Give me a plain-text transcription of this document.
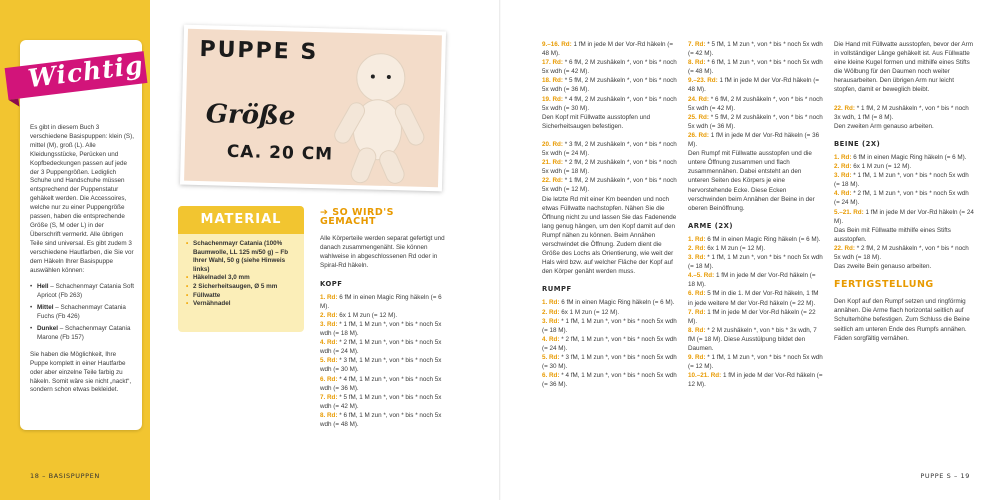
Es gibt in diesem Buch 3 verschiedene Basispuppen: klein (S), mittel (M), groß (L). Alle Kleidungsstücke, Perücken und Kopfbedeckungen passen auf jede der 3 Puppengrößen. Lediglich Schuhe und Handschuhe müssen entsprechend der Puppenstatur gehäkelt werden. Die Accessoires, welche nur zu einer Puppengröße passen, haben die entsprechende Größe (S, M oder L) in der Überschrift vermerkt. Alle übrigen Teile sind universal. Es gibt zudem 3 verschiedene Hautfarben, die Sie vor dem Häkeln Ihrer Basispuppe auswählen können:

• Hell – Schachenmayr Catania Soft Apricot (Fb 263)
• Mittel – Schachenmayr Catania Fuchs (Fb 426)
• Dunkel – Schachenmayr Catania Marone (Fb 157)

Sie haben die Möglichkeit, Ihre Puppe komplett in einer Hautfarbe oder aber einzelne Teile farbig zu häkeln. Somit wäre sie nicht „nackt“, sondern schon etwas bekleidet.

Wichtig PUPPE S
Größe
CA. 20 CM
MATERIAL
• Schachenmayr Catania (100% Baumwolle, LL 125 m/50 g) – Fb Ihrer Wahl, 50 g (siehe Hinweis links)
• Häkelnadel 3,0 mm
• 2 Sicherheitsaugen, Ø 5 mm
• Füllwatte
• Vernähnadel
➔ SO WIRD'S GEMACHT

Alle Körperteile werden separat gefertigt und danach zusammengenäht. Sie können wahlweise in abgeschlossenen Rd oder in Spiral-Rd häkeln.

KOPF
1. Rd: 6 fM in einen Magic Ring häkeln (= 6 M).
2. Rd: 6x 1 M zun (= 12 M).
3. Rd: * 1 fM, 1 M zun *, von * bis * noch 5x wdh (= 18 M).
4. Rd: * 2 fM, 1 M zun *, von * bis * noch 5x wdh (= 24 M).
5. Rd: * 3 fM, 1 M zun *, von * bis * noch 5x wdh (= 30 M).
6. Rd: * 4 fM, 1 M zun *, von * bis * noch 5x wdh (= 36 M).
7. Rd: * 5 fM, 1 M zun *, von * bis * noch 5x wdh (= 42 M).
8. Rd: * 6 fM, 1 M zun *, von * bis * noch 5x wdh (= 48 M).
9.–16. Rd: 1 fM in jede M der Vor-Rd häkeln (= 48 M).
17. Rd: * 6 fM, 2 M zushäkeln *, von * bis * noch 5x wdh (= 42 M).
18. Rd: * 5 fM, 2 M zushäkeln *, von * bis * noch 5x wdh (= 36 M).
19. Rd: * 4 fM, 2 M zushäkeln *, von * bis * noch 5x wdh (= 30 M).

Den Kopf mit Füllwatte ausstopfen und Sicherheitsaugen befestigen.

20. Rd: * 3 fM, 2 M zushäkeln *, von * bis * noch 5x wdh (= 24 M).
21. Rd: * 2 fM, 2 M zushäkeln *, von * bis * noch 5x wdh (= 18 M).
22. Rd: * 1 fM, 2 M zushäkeln *, von * bis * noch 5x wdh (= 12 M).

Die letzte Rd mit einer Km beenden und noch etwas Füllwatte nachstopfen. Nähen Sie die Öffnung nicht zu und lassen Sie das Fadenende lang genug hängen, um den Kopf damit auf den Rumpf nähen zu können. Beim Annähen verschwindet die Öffnung. Zudem dient die Größe des Lochs als Orientierung, wie weit der Hals wird bzw. auf welcher Fläche der Kopf auf den Körper genäht werden muss.

RUMPF
1. Rd: 6 fM in einen Magic Ring häkeln (= 6 M).
2. Rd: 6x 1 M zun (= 12 M).
3. Rd: * 1 fM, 1 M zun *, von * bis * noch 5x wdh (= 18 M).
4. Rd: * 2 fM, 1 M zun *, von * bis * noch 5x wdh (= 24 M).
5. Rd: * 3 fM, 1 M zun *, von * bis * noch 5x wdh (= 30 M).
6. Rd: * 4 fM, 1 M zun *, von * bis * noch 5x wdh (= 36 M).
7. Rd: * 5 fM, 1 M zun *, von * bis * noch 5x wdh (= 42 M).
8. Rd: * 6 fM, 1 M zun *, von * bis * noch 5x wdh (= 48 M).
9.–23. Rd: 1 fM in jede M der Vor-Rd häkeln (= 48 M).
24. Rd: * 6 fM, 2 M zushäkeln *, von * bis * noch 5x wdh (= 42 M).
25. Rd: * 5 fM, 2 M zushäkeln *, von * bis * noch 5x wdh (= 36 M).
26. Rd: 1 fM in jede M der Vor-Rd häkeln (= 36 M).

Den Rumpf mit Füllwatte ausstopfen und die untere Öffnung zusammen und flach zusammennähen. Dabei entsteht an den unteren Seiten des Körpers je eine hervorstehende Ecke. Diese Ecken verschwinden beim Annähen der Beine in der oberen Beinöffnung.

ARME (2X)
1. Rd: 6 fM in einen Magic Ring häkeln (= 6 M).
2. Rd: 6x 1 M zun (= 12 M).
3. Rd: * 1 fM, 1 M zun *, von * bis * noch 5x wdh (= 18 M).
4.–5. Rd: 1 fM in jede M der Vor-Rd häkeln (= 18 M).
6. Rd: 5 fM in die 1. M der Vor-Rd häkeln, 1 fM in jede weitere M der Vor-Rd häkeln (= 22 M).
7. Rd: 1 fM in jede M der Vor-Rd häkeln (= 22 M).
8. Rd: * 2 M zushäkeln *, von * bis * 3x wdh, 7 fM (= 18 M). Diese Ausstülpung bildet den Daumen.
9. Rd: * 1 fM, 1 M zun *, von * bis * noch 5x wdh (= 12 M).
10.–21. Rd: 1 fM in jede M der Vor-Rd häkeln (= 12 M).

Die Hand mit Füllwatte ausstopfen, bevor der Arm in vollständiger Länge gehäkelt ist. Aus Füllwatte eine kleine Kugel formen und mithilfe eines Stifts die Wölbung für den Daumen noch weiter herausarbeiten. Den übrigen Arm nur leicht stopfen, damit er beweglich bleibt.

22. Rd: * 1 fM, 2 M zushäkeln *, von * bis * noch 3x wdh, 1 fM (= 8 M).

Den zweiten Arm genauso arbeiten.

BEINE (2X)
1. Rd: 6 fM in einen Magic Ring häkeln (= 6 M).
2. Rd: 6x 1 M zun (= 12 M).
3. Rd: * 1 fM, 1 M zun *, von * bis * noch 5x wdh (= 18 M).
4. Rd: * 2 fM, 1 M zun *, von * bis * noch 5x wdh (= 24 M).
5.–21. Rd: 1 fM in jede M der Vor-Rd häkeln (= 24 M).
Das Bein mit Füllwatte mithilfe eines Stifts ausstopfen.
22. Rd: * 2 fM, 2 M zushäkeln *, von * bis * noch 5x wdh (= 18 M).

Das zweite Bein genauso arbeiten.

FERTIGSTELLUNG

Den Kopf auf den Rumpf setzen und ringförmig annähen. Die Arme flach horizontal seitlich auf Schulterhöhe befestigen. Zum Schluss die Beine seitlich am unteren Ende des Rumpfs annähen. Fäden sorgfältig vernähen.

18 – BASISPUPPEN	PUPPE S – 19
